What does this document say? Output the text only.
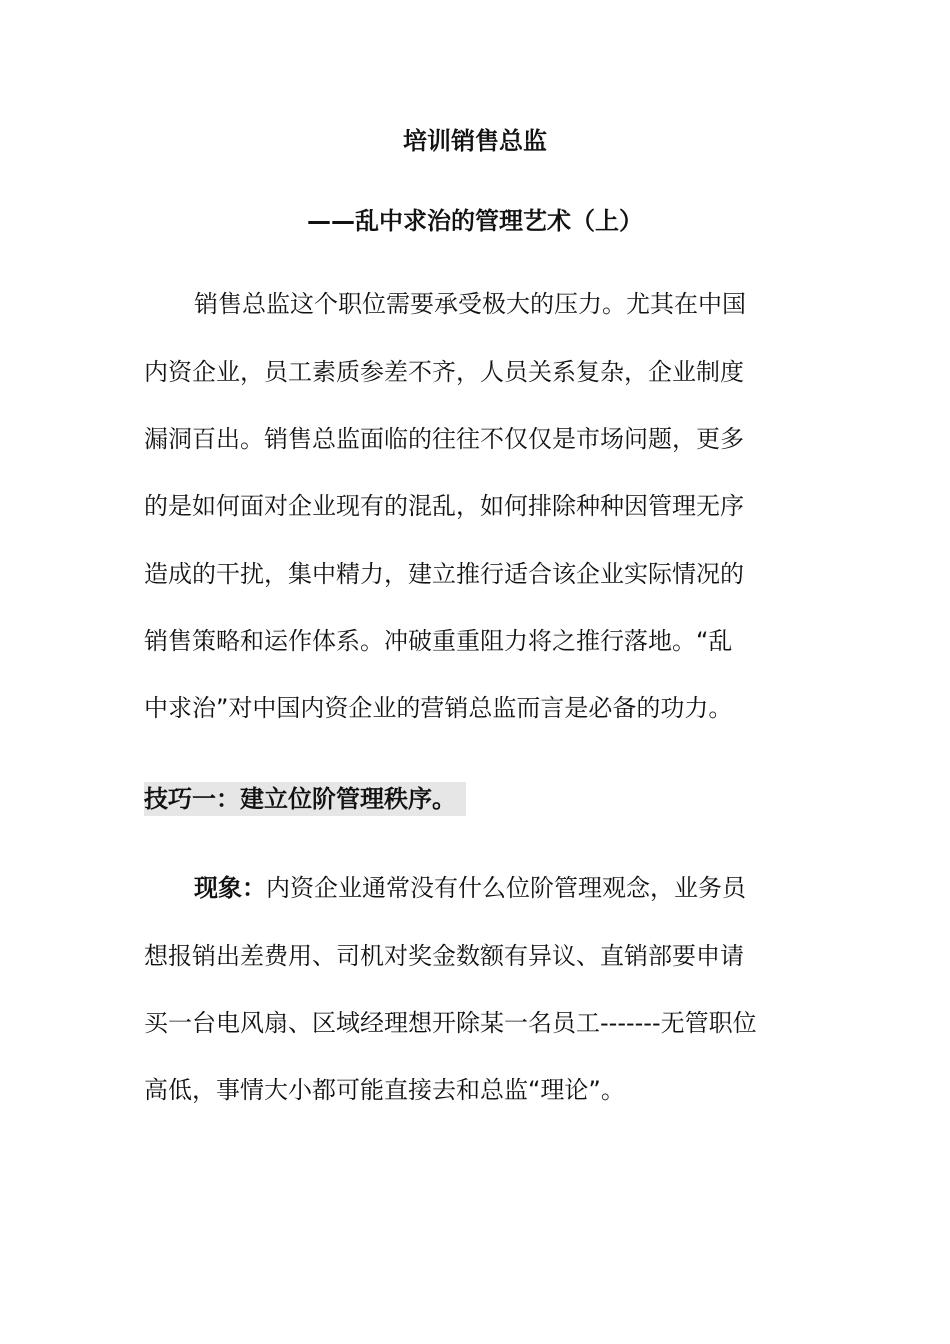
培训销售总监
——乱中求治的管理艺术（上）
销售总监这个职位需要承受极大的压力。尤其在中国
内资企业，员工素质参差不齐，人员关系复杂，企业制度
漏洞百出。销售总监面临的往往不仅仅是市场问题，更多
的是如何面对企业现有的混乱，如何排除种种因管理无序
造成的干扰，集中精力，建立推行适合该企业实际情况的
销售策略和运作体系。冲破重重阻力将之推行落地。“乱
中求治”对中国内资企业的营销总监而言是必备的功力。
技巧一：建立位阶管理秩序。
现象：内资企业通常没有什么位阶管理观念，业务员
想报销出差费用、司机对奖金数额有异议、直销部要申请
买一台电风扇、区域经理想开除某一名员工-------无管职位
高低，事情大小都可能直接去和总监“理论”。
